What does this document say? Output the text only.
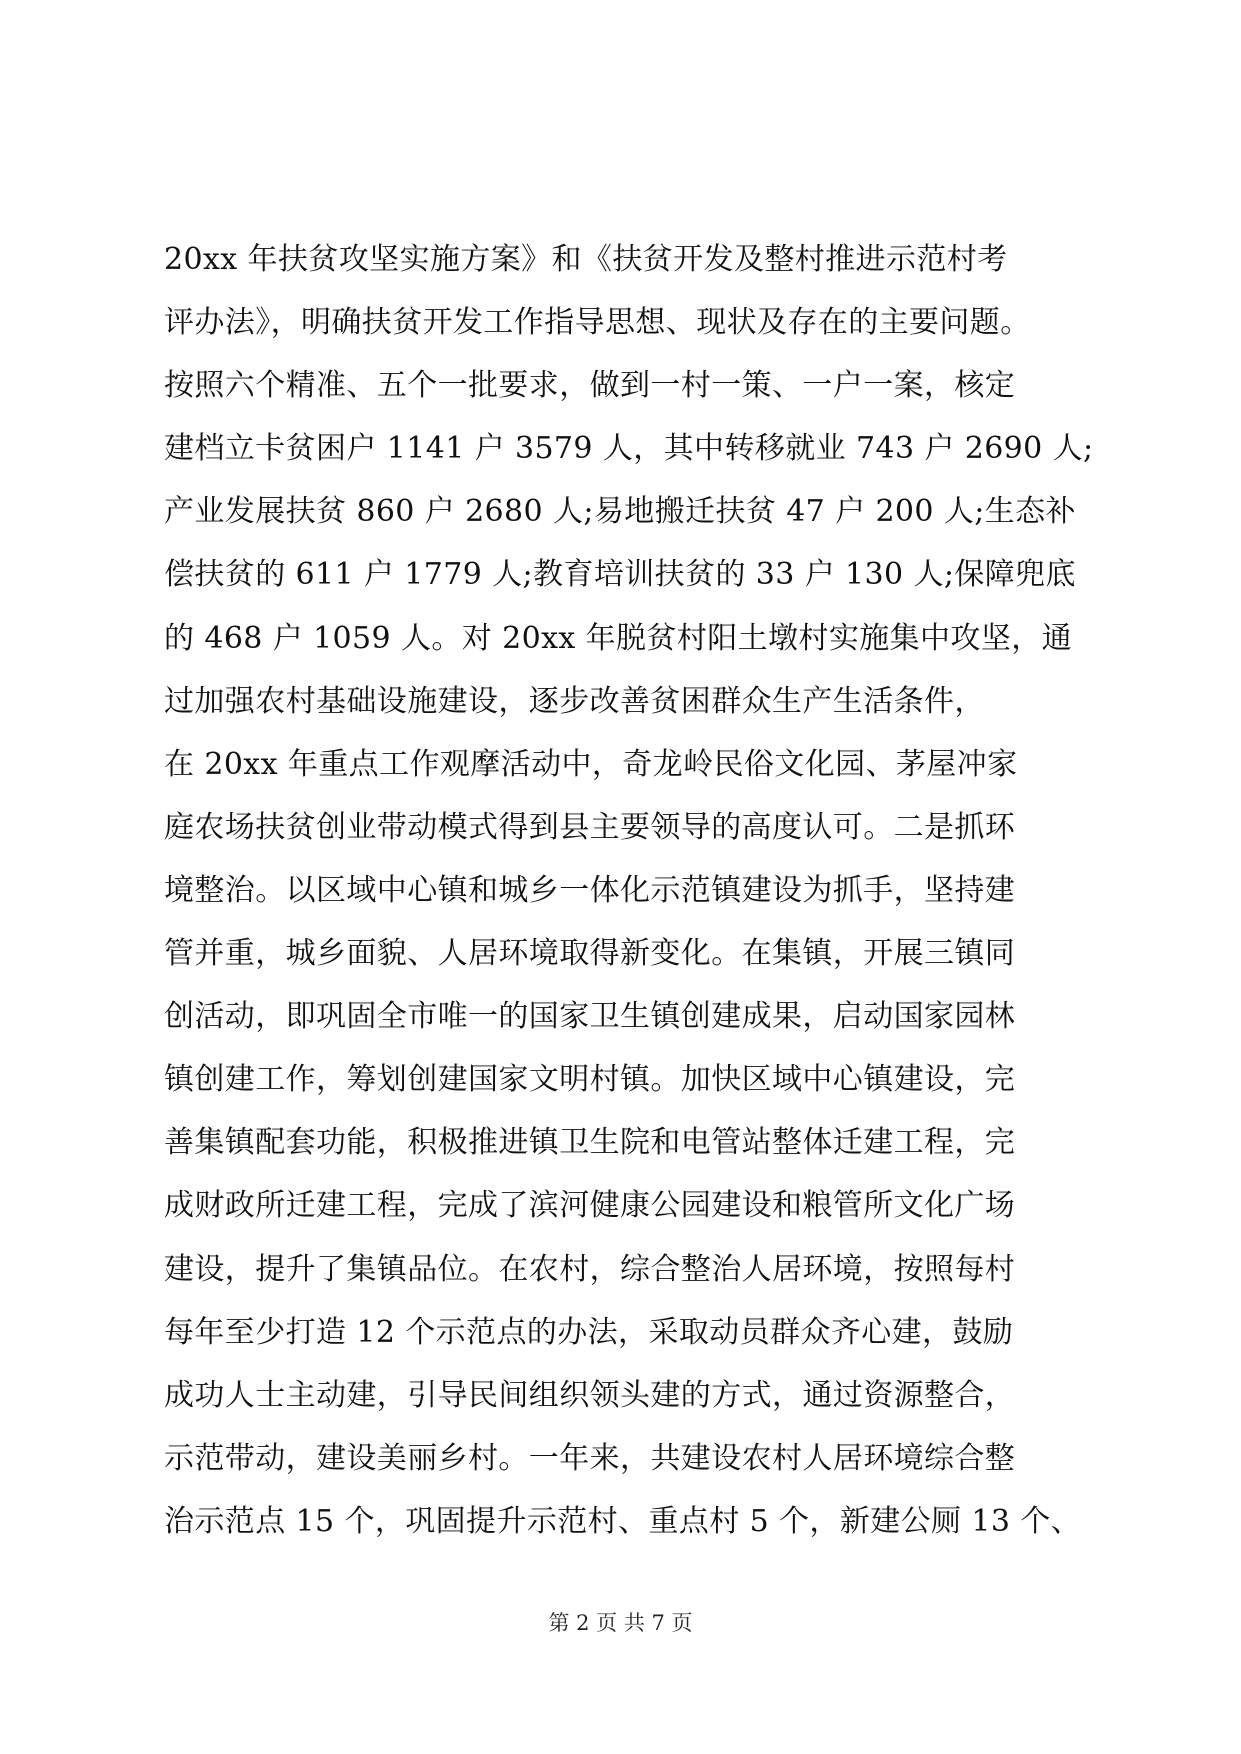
20xx 年扶贫攻坚实施方案》和《扶贫开发及整村推进示范村考
评办法》，明确扶贫开发工作指导思想、现状及存在的主要问题。
按照六个精准、五个一批要求，做到一村一策、一户一案，核定
建档立卡贫困户 1141 户 3579 人，其中转移就业 743 户 2690 人;
产业发展扶贫 860 户 2680 人;易地搬迁扶贫 47 户 200 人;生态补
偿扶贫的 611 户 1779 人;教育培训扶贫的 33 户 130 人;保障兜底
的 468 户 1059 人。对 20xx 年脱贫村阳土墩村实施集中攻坚，通
过加强农村基础设施建设，逐步改善贫困群众生产生活条件，
在 20xx 年重点工作观摩活动中，奇龙岭民俗文化园、茅屋冲家
庭农场扶贫创业带动模式得到县主要领导的高度认可。二是抓环
境整治。以区域中心镇和城乡一体化示范镇建设为抓手，坚持建
管并重，城乡面貌、人居环境取得新变化。在集镇，开展三镇同
创活动，即巩固全市唯一的国家卫生镇创建成果，启动国家园林
镇创建工作，筹划创建国家文明村镇。加快区域中心镇建设，完
善集镇配套功能，积极推进镇卫生院和电管站整体迁建工程，完
成财政所迁建工程，完成了滨河健康公园建设和粮管所文化广场
建设，提升了集镇品位。在农村，综合整治人居环境，按照每村
每年至少打造 12 个示范点的办法，采取动员群众齐心建，鼓励
成功人士主动建，引导民间组织领头建的方式，通过资源整合，
示范带动，建设美丽乡村。一年来，共建设农村人居环境综合整
治示范点 15 个，巩固提升示范村、重点村 5 个，新建公厕 13 个、
第 2 页 共 7 页
